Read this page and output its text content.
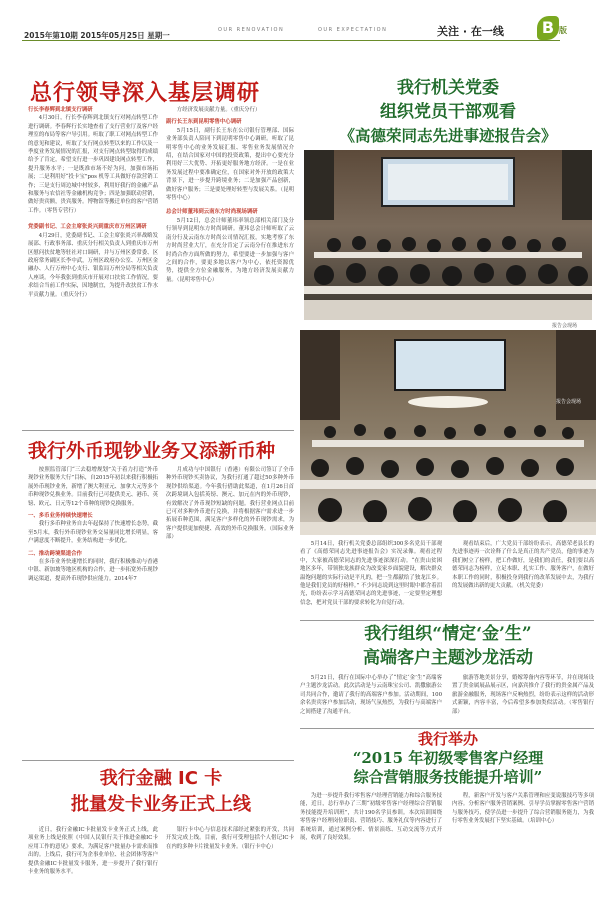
2015年第10期 2015年05月25日 星期一
OUR RENOVATION	OUR EXPECTATION	关注 · 在一线	B 版
总行领导深入基层调研
行长李春辉到北镇支行调研

4月30日，行长李春辉到北镇支行对网点转型工作进行调研。李春辉行长实地查看了支行营业厅及客户经理室的布局等客户导引用。听取了职工对网点转型工作的意见和建议，听取了支行网点转型以来的工作以及一季度业务发展情况的汇报，对支行网点转型取得的成绩给予了肯定，希望支行进一步巩固建设网点转型工作，提升服务水平；一是既准市场不好为问，加强市场拓展；二是利用好“投卡宝”pos 机等工具做好存款营销工作；三是支行周边城中村较多，利用好我行的金融产品和服务与农信社等金融机构竞争；四是加强联动营销，做好贵宾额，贵宾服务。博物馆等搬迁单位的客户营销工作。（零售专营行）

党委副书记、工会主席张炎兴到重庆市万州区调研

4月29日，党委副书记、工会主席张炎兴率战略发展部、行政事务部、重庆分行相关负责人到重庆市万州区慰问扶贫地等驻社对口调研，并与万州区委常委、区政府常务副区长李中武，万州区政府办公室、万州区金融办、人行万州中心支行、银监局万州分局等相关负责人座谈。今年我张到重庆市开展对口扶贫工作情况，要求结合当前工作实际，因地制宜，为提升改扶贫工作水平贡献力量。（重庆分行）

方经济发展贡献力量。（重庆分行）

副行长王东到昆明零售中心调研

5月15日，副行长王东在公司银行管理部、国际业务部负责人陪同下到昆明零售中心调研。听取了昆明零售中心的业务发展汇报、零售业务发展情况介绍，在结合国家对中国的投资政策，提出中心要充分利用好三大优势、开拓更好服务地方经济。一是在业务发展过程中要准确定位，在国家对外开放的政策大背景下，进一步提升跨境业务；二是加强产品创新，做好客户服务；三是要处理好转型与发展关系。（昆明零售中心）

总会计师董玮到云南东方时尚现场调研

5月12日，总会计师董玮率领总部相关部门及分行领导到昆明东方时尚调研。董玮总会计师听取了云南分行及云南东方时尚公司情况汇报，实地考察了东方时尚营业大厅，在充分肯定了云南分行在推进东方时尚合作方面所做的努力，希望要进一步加强与客户之间的合作，要更多地以客户为中心，依托资源优势，提供全方位金融服务，为地方经济发展贡献力量。（昆明零售中心）

我行机关党委
组织党员干部观看
《高德荣同志先进事迹报告会》
报告会现场
报告会现场

5月14日，我行机关党委总部组织300多名党员干部观看了《高德荣同志先进事迹报告会》实况录像。观看过程中，大家被高德荣同志的先进事迹深深打动。“在贵山贫困地区多年，带领独龙族群众为改变家乡面貌建设，解决群众温饱问题的实际行动是平凡的，把一生都献给了独龙江乡。他是我们党员的好榜样。” 不少同志说到这里时眼中都含着泪光，纷纷表示学习高德荣同志的先进事迹，一定要坚定理想信念，把对党员干部的要求转化为自觉行动。

观看结束后，广大党员干部纷纷表示，高德荣老县长的先进事迹再一次诠释了什么是真正的共产党员，他的事迹为我们树立了榜样，把工作做好，是我们的责任，我们要以高德荣同志为榜样，立足本职、扎实工作、服务客户，在做好本职工作的同时，积极投身到我行的改革发展中去，为我行的发展做出新的更大贡献。（机关党委）

我行外币现钞业务又添新币种

按照监管部门“三去稳增规划”关于着力打造“外币现钞业务服务大行”目标，自2015年初以来我行积极拓展外币现钞业务，新增了澳大利亚元、加拿大元等多个币种现钞兑换业务。目前我行已可提供美元、港币、英镑、欧元、日元等12个币种的现钞兑换服务。

一、多币业务持续快速增长

我行多币种业务自去年起保持了快速增长态势，截至5月末，我行外币现钞业务交易量同比增长明显，客户满意度不断提升，业务结构进一步优化。

二、推动跨境渠道合作

在多币业务快速增长的同时，我行积极推动与香港中银、新加坡等地区机构的合作，进一步拓宽外币现钞调运渠道，提高外币现钞供应能力。2014年7

月成功与中国银行（香港）有限公司签订了全币种外币现钞买卖协议，为我行打通了超过50多种外币现钞供给渠道。今年我行借助此渠道，在1月26日首次跨境调入包括英镑、澳元、加元在内的外币现钞，有效解决了外币现钞短缺的问题。我行营业网点目前已可对多种外币进行兑换，并将根据客户需求进一步拓展币种范围，满足客户多样化的外币现钞需求，为客户提供更加便捷、高效的外币兑换服务。（国际业务部）

我行组织“情定‘金’生”
高端客户主题沙龙活动

5月21日，我行在国际中心举办了“情定‘金’生”高端客户主题沙龙活动。此次活动是与云南珠宝公司、凯撒旅游公司共同合作，邀请了我行的高端客户参加。活动期间，100余名贵宾客户参加活动，现场气氛热烈，为我行与高端客户之间搭建了沟通平台。

旅游答地美景分享，婚嫁筹备内容等环节，并在现场设置了贵金属展品展示区，向嘉宾推介了我行的贵金属产品及旅游金融服务，现场客户反响热烈，纷纷表示这样的活动形式新颖，内容丰富，今后希望多参加类似活动。（零售银行部）

我行举办
“2015 年初级零售客户经理
综合营销服务技能提升培训”

为进一步提升我行零售客户经理营销能力和综合服务技能，近日，总行举办了三期“初级零售客户经理综合营销服务技能提升培训班”，共计190名学员参训。本次培训围绕零售客户经理岗位职责、营销技巧、服务礼仪等内容进行了系统培训，通过案例分析、情景演练、互动交流等方式开展，收到了良好效果。

程，新客户开发与客户关系管理和应变说服技巧等多项内容。分析客户服务营销案例、引导学员掌握零售客户营销与服务技巧，使学员进一步提升了综合营销服务能力，为我行零售业务发展打下坚实基础。（培训中心）

我行金融 IC 卡
批量发卡业务正式上线

近日，我行金融IC卡批量发卡业务正式上线，此项业务上线是依照《中国人民银行关于推进金融IC卡应用工作的意见》要求，为满足客户批量办卡需求而推出的。上线后，我行可为企事业单位、社会团体等客户提供金融IC卡批量发卡服务，进一步提升了我行银行卡业务的服务水平。

银行卡中心与信息技术部经过紧张的开发，共同开发完成上线。目前，我行可受理包括个人借记IC卡在内的多种卡片批量发卡业务。（银行卡中心）
